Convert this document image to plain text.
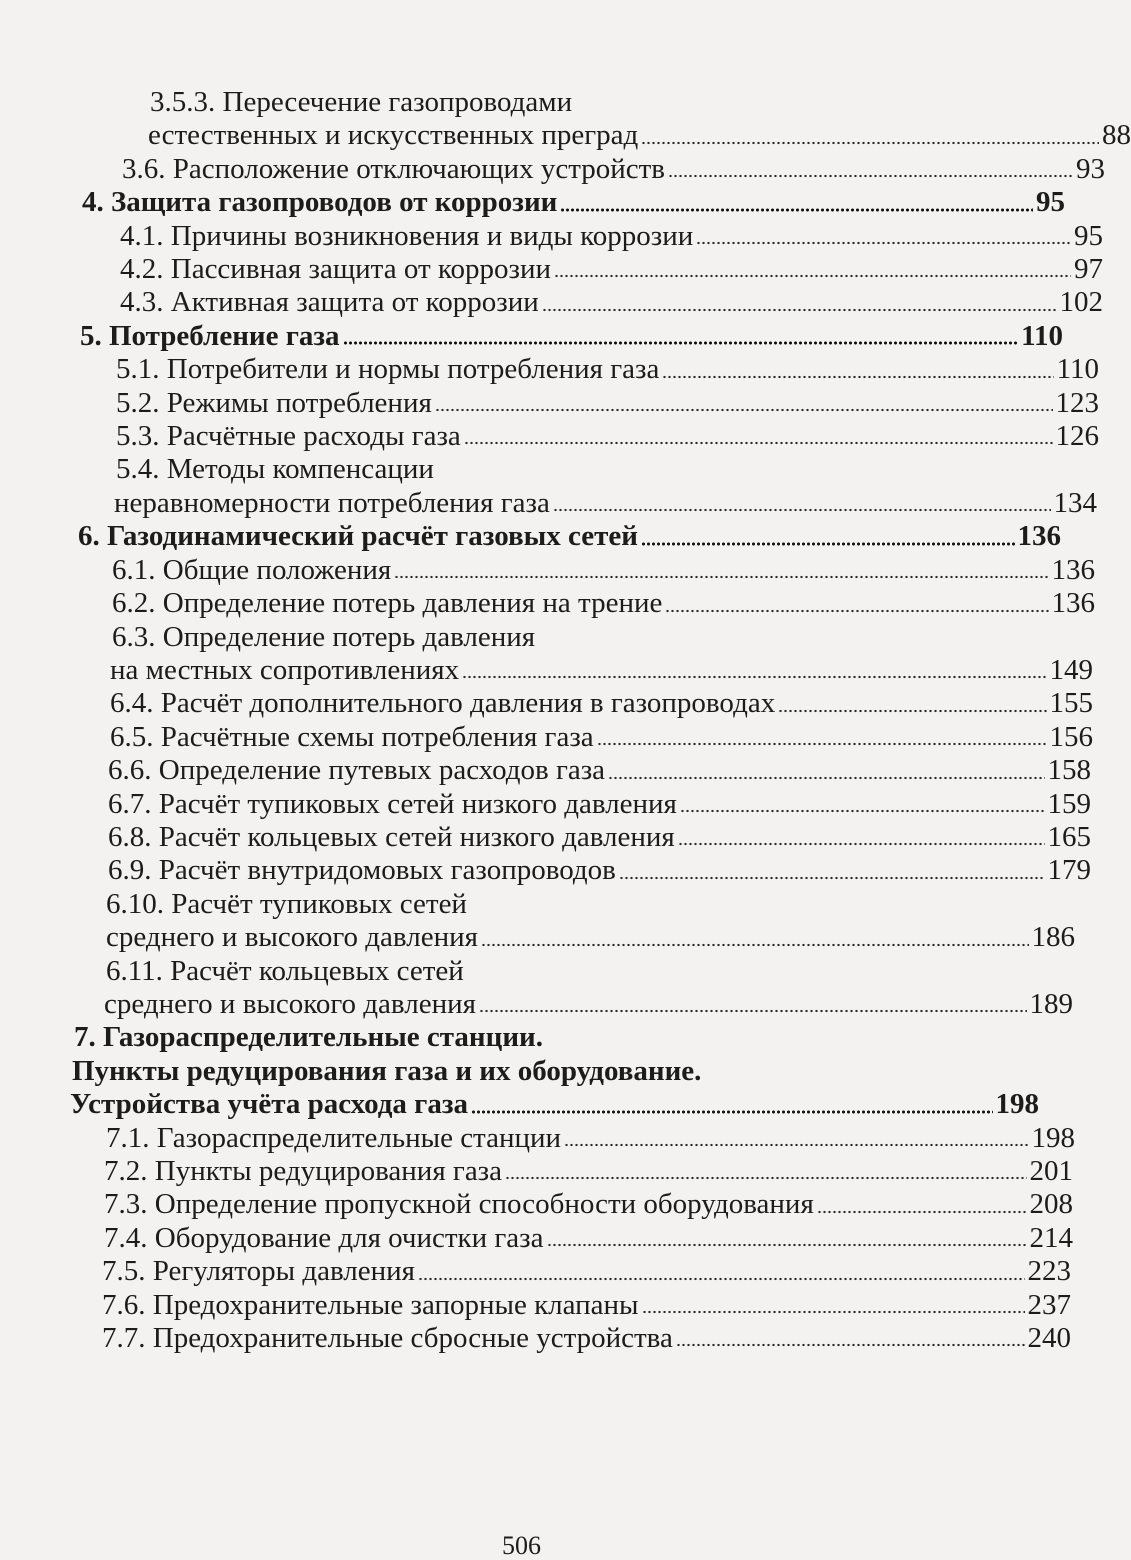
3.5.3. Пересечение газопроводами
естественных и искусственных преград	88
3.6. Расположение отключающих устройств	93
4. Защита газопроводов от коррозии	95
4.1. Причины возникновения и виды коррозии	95
4.2. Пассивная защита от коррозии	97
4.3. Активная защита от коррозии	102
5. Потребление газа	110
5.1. Потребители и нормы потребления газа	110
5.2. Режимы потребления	123
5.3. Расчётные расходы газа	126
5.4. Методы компенсации
неравномерности потребления газа	134
6. Газодинамический расчёт газовых сетей	136
6.1. Общие положения	136
6.2. Определение потерь давления на трение	136
6.3. Определение потерь давления
на местных сопротивлениях	149
6.4. Расчёт дополнительного давления в газопроводах	155
6.5. Расчётные схемы потребления газа	156
6.6. Определение путевых расходов газа	158
6.7. Расчёт тупиковых сетей низкого давления	159
6.8. Расчёт кольцевых сетей низкого давления	165
6.9. Расчёт внутридомовых газопроводов	179
6.10. Расчёт тупиковых сетей
среднего и высокого давления	186
6.11. Расчёт кольцевых сетей
среднего и высокого давления	189
7. Газораспределительные станции.
Пункты редуцирования газа и их оборудование.
Устройства учёта расхода газа	198
7.1. Газораспределительные станции	198
7.2. Пункты редуцирования газа	201
7.3. Определение пропускной способности оборудования	208
7.4. Оборудование для очистки газа	214
7.5. Регуляторы давления	223
7.6. Предохранительные запорные клапаны	237
7.7. Предохранительные сбросные устройства	240
506
